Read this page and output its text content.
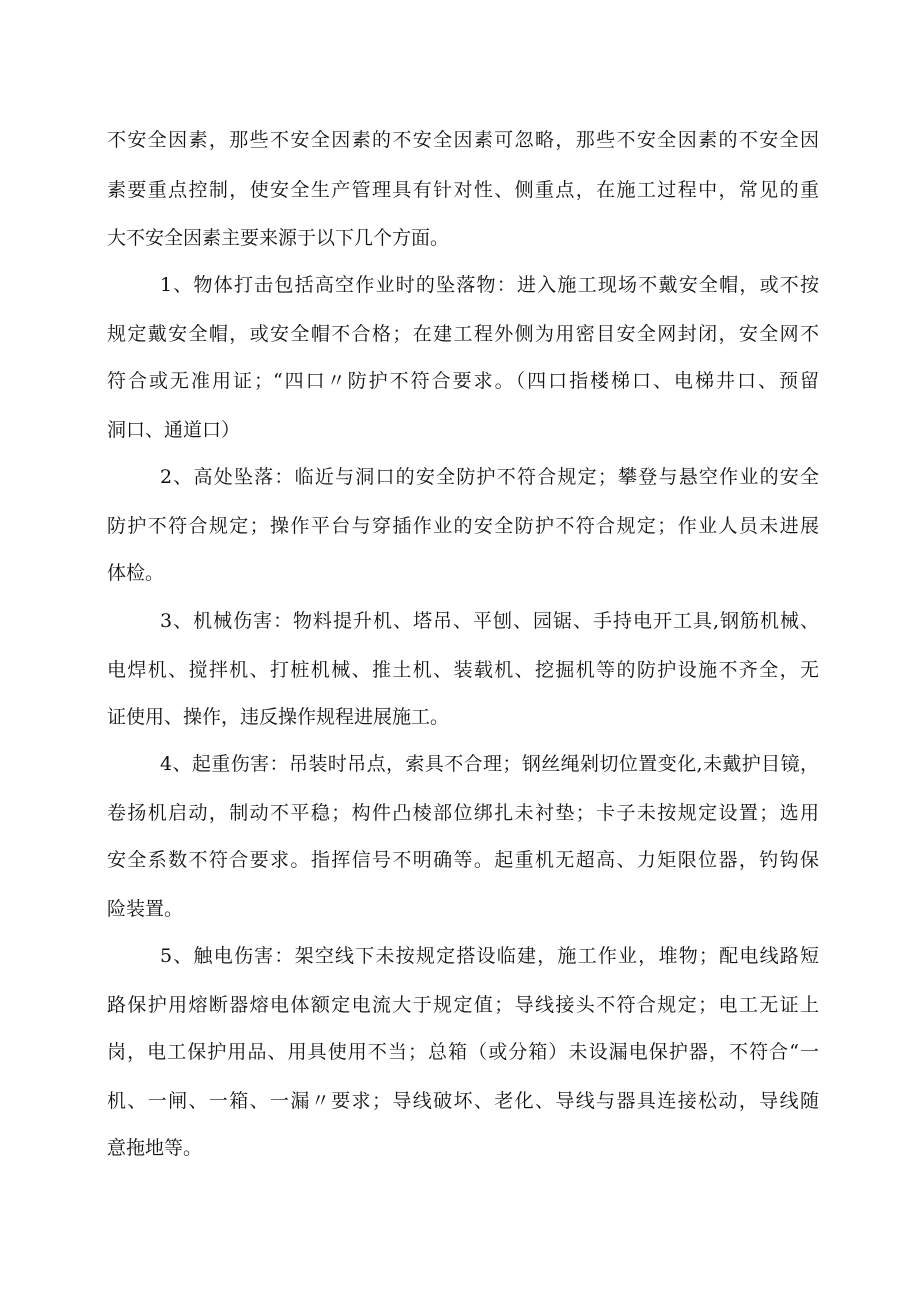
不安全因素，那些不安全因素的不安全因素可忽略，那些不安全因素的不安全因
素要重点控制，使安全生产管理具有针对性、侧重点，在施工过程中，常见的重
大不安全因素主要来源于以下几个方面。
1、物体打击包括高空作业时的坠落物：进入施工现场不戴安全帽，或不按
规定戴安全帽，或安全帽不合格；在建工程外侧为用密目安全网封闭，安全网不
符合或无准用证；“四口〃防护不符合要求。（四口指楼梯口、电梯井口、预留
洞口、通道口）
2、高处坠落：临近与洞口的安全防护不符合规定；攀登与悬空作业的安全
防护不符合规定；操作平台与穿插作业的安全防护不符合规定；作业人员未进展
体检。
3、机械伤害：物料提升机、塔吊、平刨、园锯、手持电开工具,钢筋机械、
电焊机、搅拌机、打桩机械、推土机、装载机、挖掘机等的防护设施不齐全，无
证使用、操作，违反操作规程进展施工。
4、起重伤害：吊装时吊点，索具不合理；钢丝绳剁切位置变化,未戴护目镜，
卷扬机启动，制动不平稳；构件凸棱部位绑扎未衬垫；卡子未按规定设置；选用
安全系数不符合要求。指挥信号不明确等。起重机无超高、力矩限位器，钓钩保
险装置。
5、触电伤害：架空线下未按规定搭设临建，施工作业，堆物；配电线路短
路保护用熔断器熔电体额定电流大于规定值；导线接头不符合规定；电工无证上
岗，电工保护用品、用具使用不当；总箱（或分箱）未设漏电保护器，不符合“一
机、一闸、一箱、一漏〃要求；导线破坏、老化、导线与器具连接松动，导线随
意拖地等。
